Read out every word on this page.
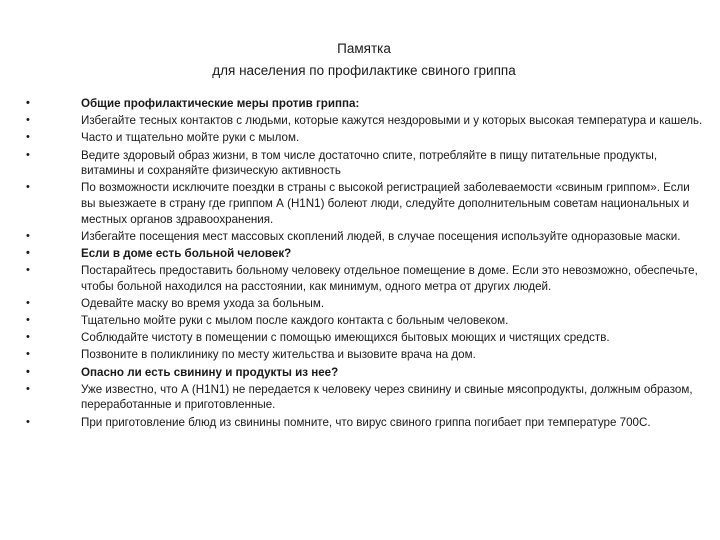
Памятка
для населения по профилактике свиного гриппа
• Общие профилактические меры против гриппа:
• Избегайте тесных контактов с людьми, которые кажутся нездоровыми и у которых высокая температура и кашель.
• Часто и тщательно мойте руки с мылом.
• Ведите здоровый образ жизни, в том числе достаточно спите, потребляйте в пищу питательные продукты, витамины и сохраняйте физическую активность
• По возможности исключите поездки в страны с высокой регистрацией заболеваемости «свиным гриппом». Если вы выезжаете в страну где гриппом А (Н1N1) болеют люди, следуйте дополнительным советам национальных и местных органов здравоохранения.
• Избегайте посещения мест массовых скоплений людей, в случае посещения используйте одноразовые маски.
• Если в доме есть больной человек?
• Постарайтесь предоставить больному человеку отдельное помещение в доме. Если это невозможно, обеспечьте, чтобы больной находился на расстоянии, как минимум, одного метра от других людей.
• Одевайте маску во время ухода за больным.
• Тщательно мойте руки с мылом после каждого контакта с больным человеком.
• Соблюдайте чистоту в помещении с помощью имеющихся бытовых моющих и чистящих средств.
• Позвоните в поликлинику по месту жительства и вызовите врача на дом.
• Опасно ли есть свинину и продукты из нее?
• Уже известно, что А (Н1N1) не передается к человеку через свинину и свиные мясопродукты, должным образом, переработанные и приготовленные.
• При приготовление блюд из свинины помните, что вирус свиного гриппа погибает при температуре 700С.
